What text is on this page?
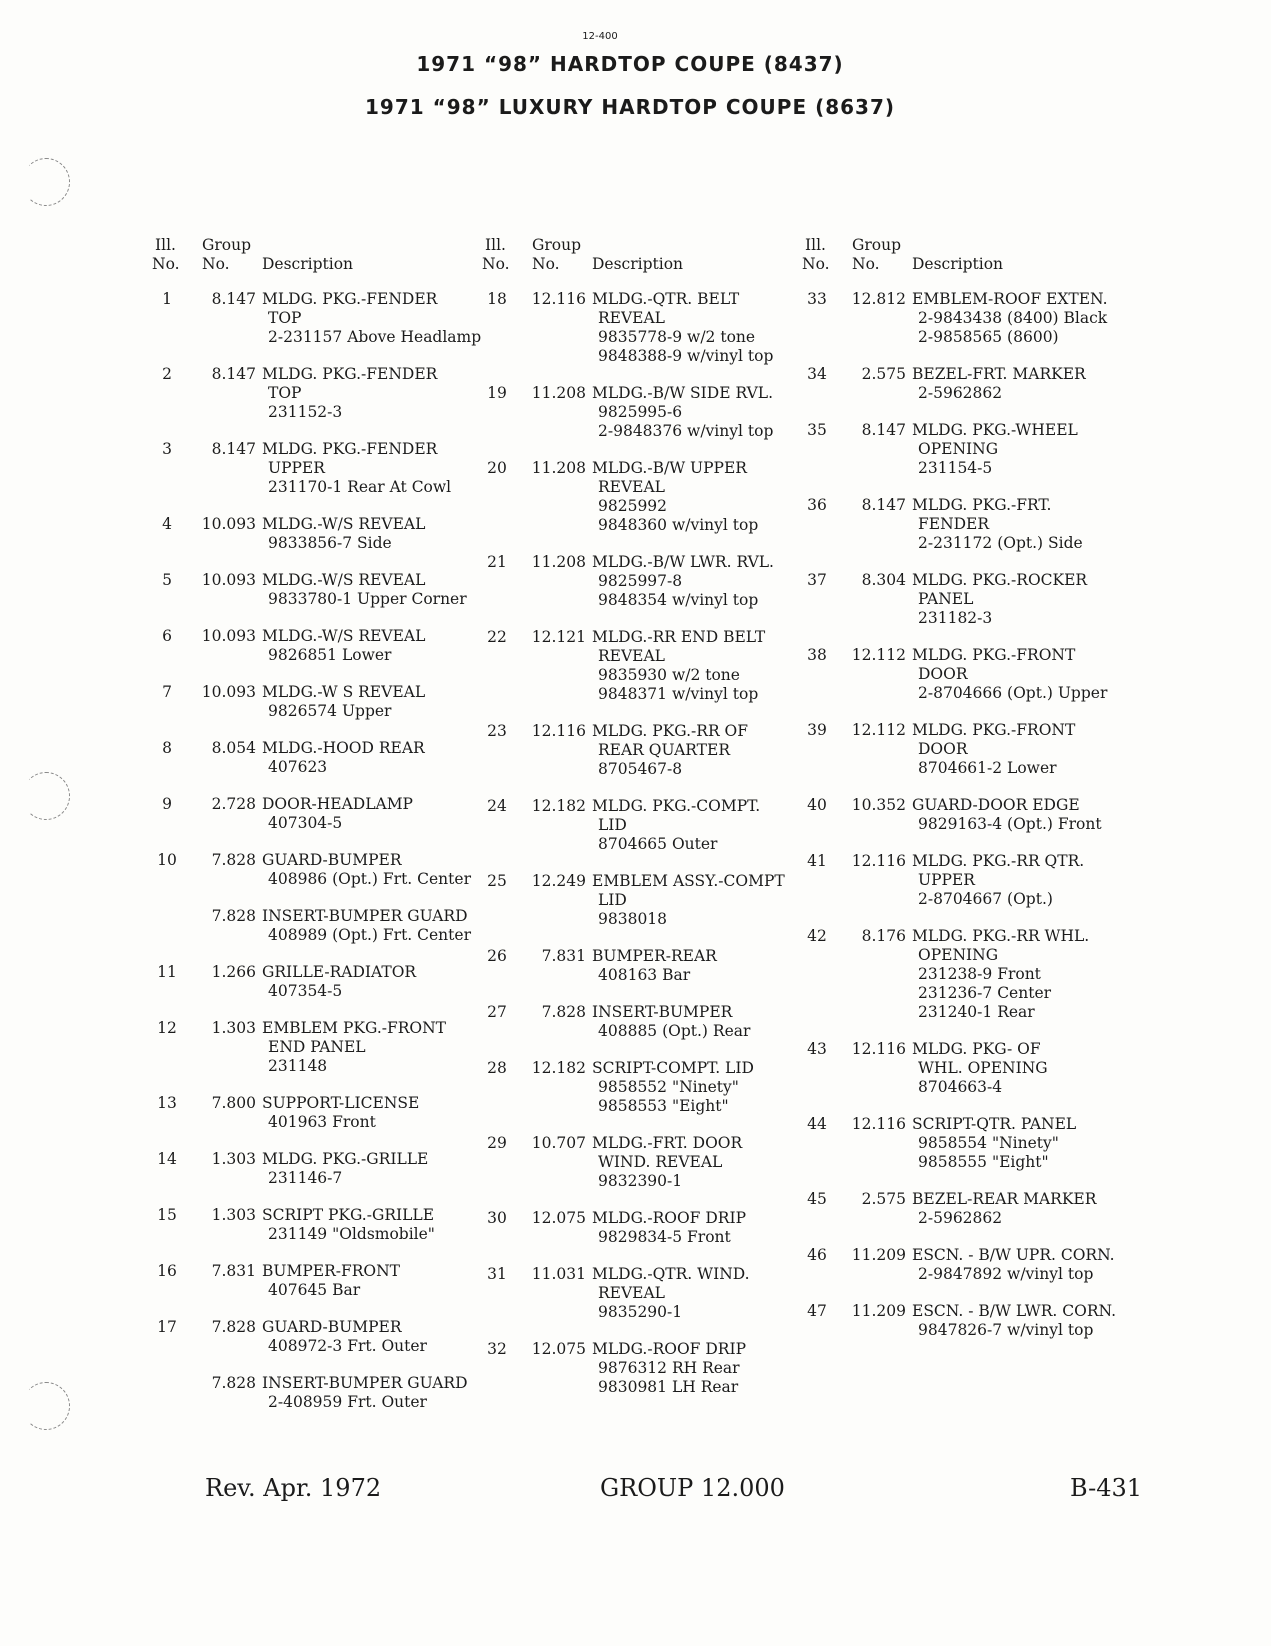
12-400
1971 “98” HARDTOP COUPE (8437)
1971 “98” LUXURY HARDTOP COUPE (8637)
Ill.
No.
Group
No. Description
1	8.147 MLDG. PKG.-FENDER
TOP
2-231157 Above Headlamp
2	8.147 MLDG. PKG.-FENDER
TOP
231152-3
3	8.147 MLDG. PKG.-FENDER
UPPER
231170-1 Rear At Cowl
4	10.093 MLDG.-W/S REVEAL
9833856-7 Side
5	10.093 MLDG.-W/S REVEAL
9833780-1 Upper Corner
6	10.093 MLDG.-W/S REVEAL
9826851 Lower
7	10.093 MLDG.-W S REVEAL
9826574 Upper
8	8.054 MLDG.-HOOD REAR
407623
9	2.728 DOOR-HEADLAMP
407304-5
10	7.828 GUARD-BUMPER
408986 (Opt.) Frt. Center
7.828 INSERT-BUMPER GUARD
408989 (Opt.) Frt. Center
11	1.266 GRILLE-RADIATOR
407354-5
12	1.303 EMBLEM PKG.-FRONT
END PANEL
231148
13	7.800 SUPPORT-LICENSE
401963 Front
14	1.303 MLDG. PKG.-GRILLE
231146-7
15	1.303 SCRIPT PKG.-GRILLE
231149 "Oldsmobile"
16	7.831 BUMPER-FRONT
407645 Bar
17	7.828 GUARD-BUMPER
408972-3 Frt. Outer
7.828 INSERT-BUMPER GUARD
2-408959 Frt. Outer
Ill.
No.
Group
No. Description
18	12.116 MLDG.-QTR. BELT
REVEAL
9835778-9 w/2 tone
9848388-9 w/vinyl top
19	11.208 MLDG.-B/W SIDE RVL.
9825995-6
2-9848376 w/vinyl top
20	11.208 MLDG.-B/W UPPER
REVEAL
9825992
9848360 w/vinyl top
21	11.208 MLDG.-B/W LWR. RVL.
9825997-8
9848354 w/vinyl top
22	12.121 MLDG.-RR END BELT
REVEAL
9835930 w/2 tone
9848371 w/vinyl top
23	12.116 MLDG. PKG.-RR OF
REAR QUARTER
8705467-8
24	12.182 MLDG. PKG.-COMPT.
LID
8704665 Outer
25	12.249 EMBLEM ASSY.-COMPT
LID
9838018
26	7.831 BUMPER-REAR
408163 Bar
27	7.828 INSERT-BUMPER
408885 (Opt.) Rear
28	12.182 SCRIPT-COMPT. LID
9858552 "Ninety"
9858553 "Eight"
29	10.707 MLDG.-FRT. DOOR
WIND. REVEAL
9832390-1
30	12.075 MLDG.-ROOF DRIP
9829834-5 Front
31	11.031 MLDG.-QTR. WIND.
REVEAL
9835290-1
32	12.075 MLDG.-ROOF DRIP
9876312 RH Rear
9830981 LH Rear
Ill.
No.
Group
No. Description
33	12.812 EMBLEM-ROOF EXTEN.
2-9843438 (8400) Black
2-9858565 (8600)
34	2.575 BEZEL-FRT. MARKER
2-5962862
35	8.147 MLDG. PKG.-WHEEL
OPENING
231154-5
36	8.147 MLDG. PKG.-FRT.
FENDER
2-231172 (Opt.) Side
37	8.304 MLDG. PKG.-ROCKER
PANEL
231182-3
38	12.112 MLDG. PKG.-FRONT
DOOR
2-8704666 (Opt.) Upper
39	12.112 MLDG. PKG.-FRONT
DOOR
8704661-2 Lower
40	10.352 GUARD-DOOR EDGE
9829163-4 (Opt.) Front
41	12.116 MLDG. PKG.-RR QTR.
UPPER
2-8704667 (Opt.)
42	8.176 MLDG. PKG.-RR WHL.
OPENING
231238-9 Front
231236-7 Center
231240-1 Rear
43	12.116 MLDG. PKG- OF
WHL. OPENING
8704663-4
44	12.116 SCRIPT-QTR. PANEL
9858554 "Ninety"
9858555 "Eight"
45	2.575 BEZEL-REAR MARKER
2-5962862
46	11.209 ESCN. - B/W UPR. CORN.
2-9847892 w/vinyl top
47	11.209 ESCN. - B/W LWR. CORN.
9847826-7 w/vinyl top
Rev. Apr. 1972	GROUP 12.000	B-431
